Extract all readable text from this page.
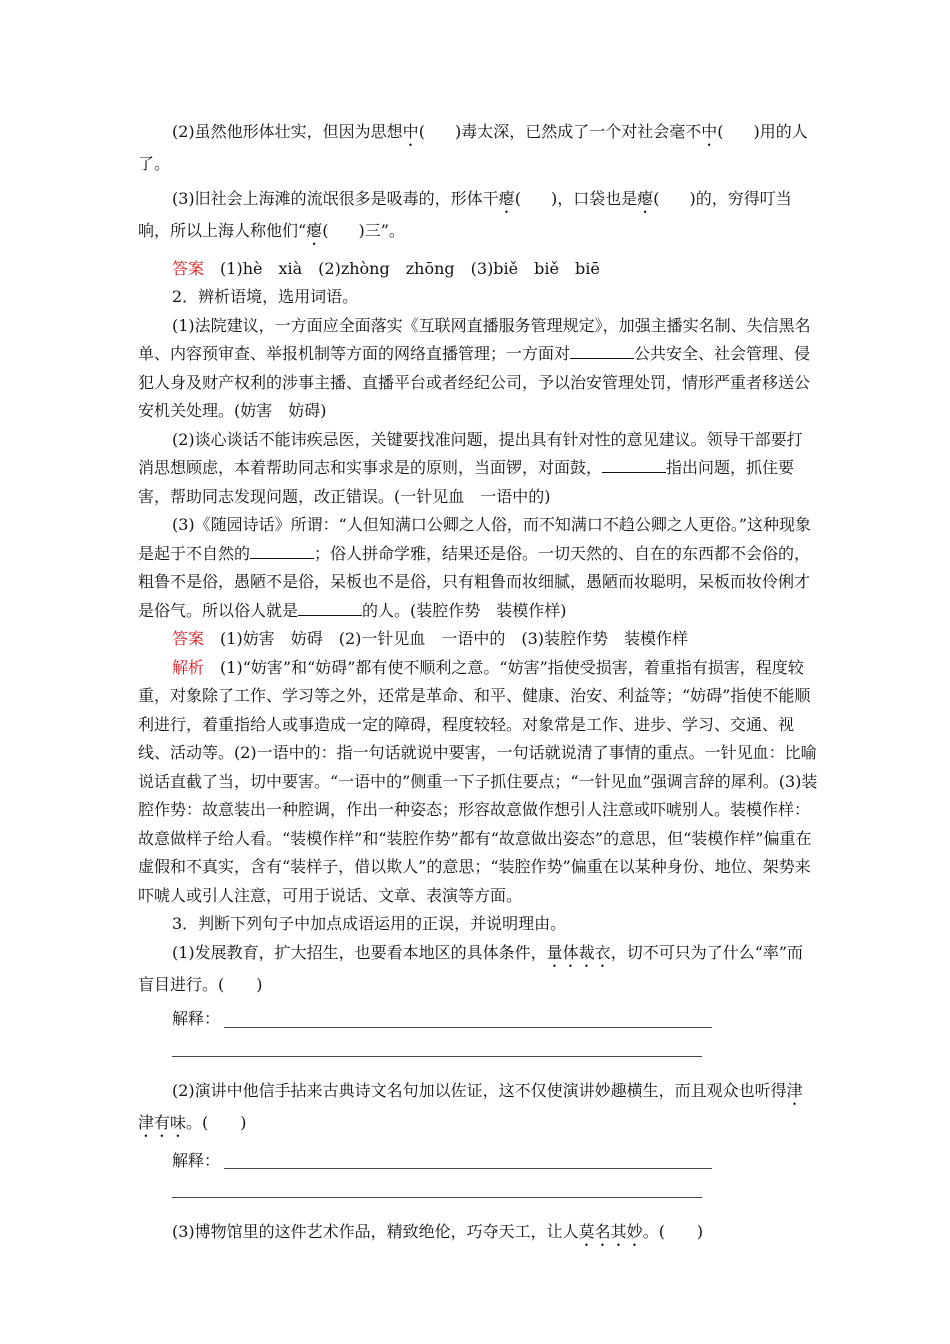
(2)虽然他形体壮实，但因为思想中( )毒太深，已然成了一个对社会毫不中( )用的人了。

(3)旧社会上海滩的流氓很多是吸毒的，形体干瘪( )，口袋也是瘪( )的，穷得叮当响，所以上海人称他们“瘪( )三”。

答案　 (1)hè　xià　(2)zhòng　zhōng　(3)biě　biě　biē

2．辨析语境，选用词语。

(1)法院建议，一方面应全面落实《互联网直播服务管理规定》，加强主播实名制、失信黑名单、内容预审查、举报机制等方面的网络直播管理；一方面对	公共安全、社会管理、侵犯人身及财产权利的涉事主播、直播平台或者经纪公司，予以治安管理处罚，情形严重者移送公安机关处理。(妨害　妨碍)

(2)谈心谈话不能讳疾忌医，关键要找准问题，提出具有针对性的意见建议。领导干部要打消思想顾虑，本着帮助同志和实事求是的原则，当面锣，对面鼓，	指出问题，抓住要害，帮助同志发现问题，改正错误。(一针见血　一语中的)

(3)《随园诗话》所谓：“人但知满口公卿之人俗，而不知满口不趋公卿之人更俗。”这种现象是起于不自然的	；俗人拼命学雅，结果还是俗。一切天然的、自在的东西都不会俗的，粗鲁不是俗，愚陋不是俗，呆板也不是俗，只有粗鲁而妆细腻，愚陋而妆聪明，呆板而妆伶俐才是俗气。所以俗人就是	的人。(装腔作势　装模作样)

答案　 (1)妨害　妨碍　(2)一针见血　一语中的　(3)装腔作势　装模作样

解析　 (1)“妨害”和“妨碍”都有使不顺利之意。“妨害”指使受损害，着重指有损害，程度较重，对象除了工作、学习等之外，还常是革命、和平、健康、治安、利益等；“妨碍”指使不能顺利进行，着重指给人或事造成一定的障碍，程度较轻。对象常是工作、进步、学习、交通、视线、活动等。(2)一语中的：指一句话就说中要害，一句话就说清了事情的重点。一针见血：比喻说话直截了当，切中要害。“一语中的”侧重一下子抓住要点；“一针见血”强调言辞的犀利。(3)装腔作势：故意装出一种腔调，作出一种姿态；形容故意做作想引人注意或吓唬别人。装模作样：故意做样子给人看。“装模作样”和“装腔作势”都有“故意做出姿态”的意思，但“装模作样”偏重在虚假和不真实，含有“装样子，借以欺人”的意思；“装腔作势”偏重在以某种身份、地位、架势来吓唬人或引人注意，可用于说话、文章、表演等方面。

3．判断下列句子中加点成语运用的正误，并说明理由。

(1)发展教育，扩大招生，也要看本地区的具体条件，量体裁衣，切不可只为了什么“率”而盲目进行。(　　)

解释：

(2)演讲中他信手拈来古典诗文名句加以佐证，这不仅使演讲妙趣横生，而且观众也听得津津有味。(　　)

解释：

(3)博物馆里的这件艺术作品，精致绝伦，巧夺天工，让人莫名其妙。(　　)
